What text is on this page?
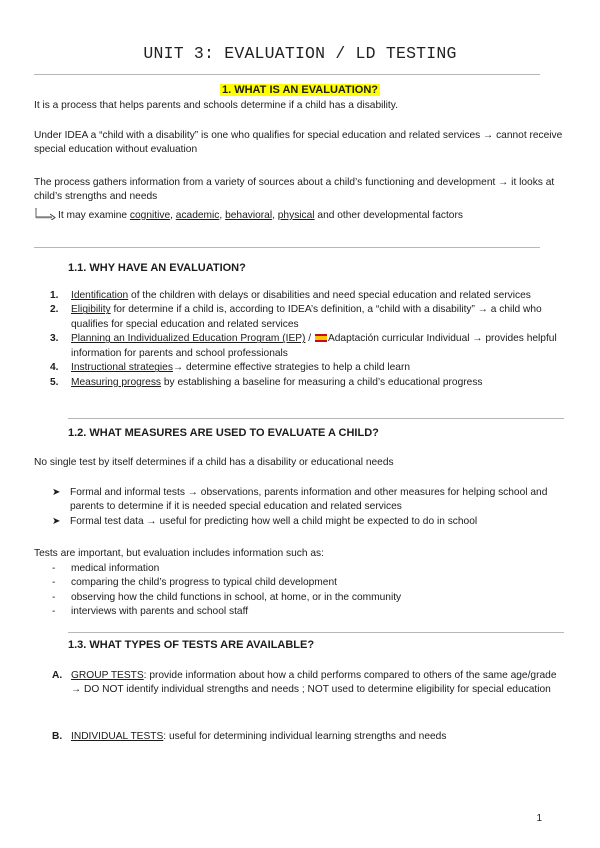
UNIT 3: EVALUATION / LD TESTING
1. WHAT IS AN EVALUATION?
It is a process that helps parents and schools determine if a child has a disability.
Under IDEA a “child with a disability” is one who qualifies for special education and related services → cannot receive special education without evaluation
The process gathers information from a variety of sources about a child’s functioning and development → it looks at child’s strengths and needs
It may examine cognitive, academic, behavioral, physical and other developmental factors
1.1. WHY HAVE AN EVALUATION?
1. Identification of the children with delays or disabilities and need special education and related services
2. Eligibility for determine if a child is, according to IDEA’s definition, a “child with a disability” → a child who qualifies for special education and related services
3. Planning an Individualized Education Program (IEP) / Adaptación curricular Individual → provides helpful information for parents and school professionals
4. Instructional strategies→ determine effective strategies to help a child learn
5. Measuring progress by establishing a baseline for measuring a child’s educational progress
1.2. WHAT MEASURES ARE USED TO EVALUATE A CHILD?
No single test by itself determines if a child has a disability or educational needs
➤ Formal and informal tests → observations, parents information and other measures for helping school and parents to determine if it is needed special education and related services
➤ Formal test data → useful for predicting how well a child might be expected to do in school
Tests are important, but evaluation includes information such as:
- medical information
- comparing the child’s progress to typical child development
- observing how the child functions in school, at home, or in the community
- interviews with parents and school staff
1.3. WHAT TYPES OF TESTS ARE AVAILABLE?
A. GROUP TESTS: provide information about how a child performs compared to others of the same age/grade → DO NOT identify individual strengths and needs ; NOT used to determine eligibility for special education
B. INDIVIDUAL TESTS: useful for determining individual learning strengths and needs
1
